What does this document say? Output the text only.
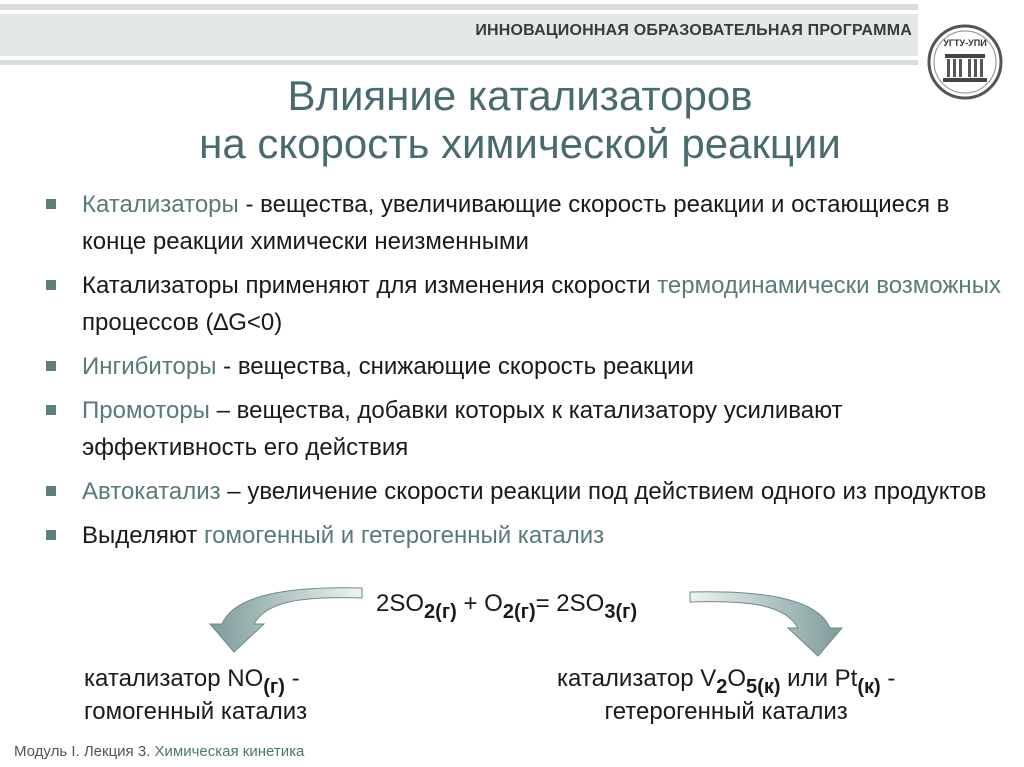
ИННОВАЦИОННАЯ ОБРАЗОВАТЕЛЬНАЯ ПРОГРАММА
УГТУ-УПИ
Влияние катализаторов
на скорость химической реакции
Катализаторы - вещества, увеличивающие скорость реакции и остающиеся в конце реакции химически неизменными
Катализаторы применяют для изменения скорости термодинамически возможных процессов (∆G<0)
Ингибиторы - вещества, снижающие скорость реакции
Промоторы – вещества, добавки которых к катализатору усиливают эффективность его действия
Автокатализ – увеличение скорости реакции под действием одного из продуктов
Выделяют гомогенный и гетерогенный катализ
$2SO_{2(г)} + O_{2(г)}= 2SO_{3(г)}$
катализатор $NO_{(г)}$ -
гомогенный катализ
катализатор $V_2O_{5(к)}$ или $Pt_{(к)}$ -
гетерогенный катализ
Модуль I. Лекция 3. Химическая кинетика
